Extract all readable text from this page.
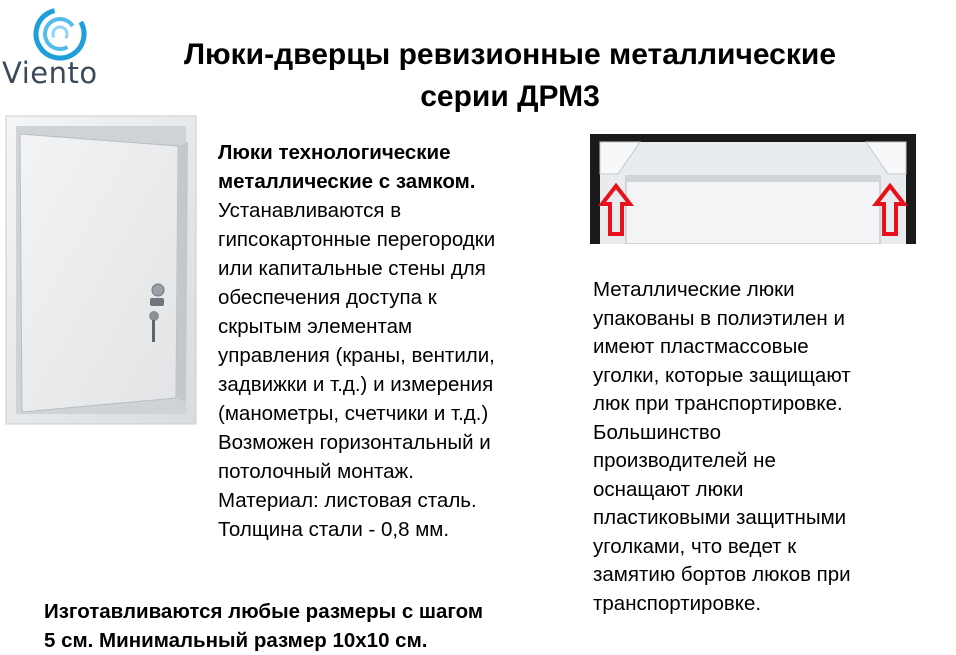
Viento
Люки-дверцы ревизионные металлические
серии ДРМ3
Люки технологические
металлические с замком.
Устанавливаются в
гипсокартонные перегородки
или капитальные стены для
обеспечения доступа к
скрытым элементам
управления (краны, вентили,
задвижки и т.д.) и измерения
(манометры, счетчики и т.д.)
Возможен горизонтальный и
потолочный монтаж.
Материал: листовая сталь.
Толщина стали - 0,8 мм.
Металлические люки
упакованы в полиэтилен и
имеют пластмассовые
уголки, которые защищают
люк при транспортировке.
Большинство
производителей не
оснащают люки
пластиковыми защитными
уголками, что ведет к
замятию бортов люков при
транспортировке.
Изготавливаются любые размеры с шагом
5 см. Минимальный размер 10х10 см.
